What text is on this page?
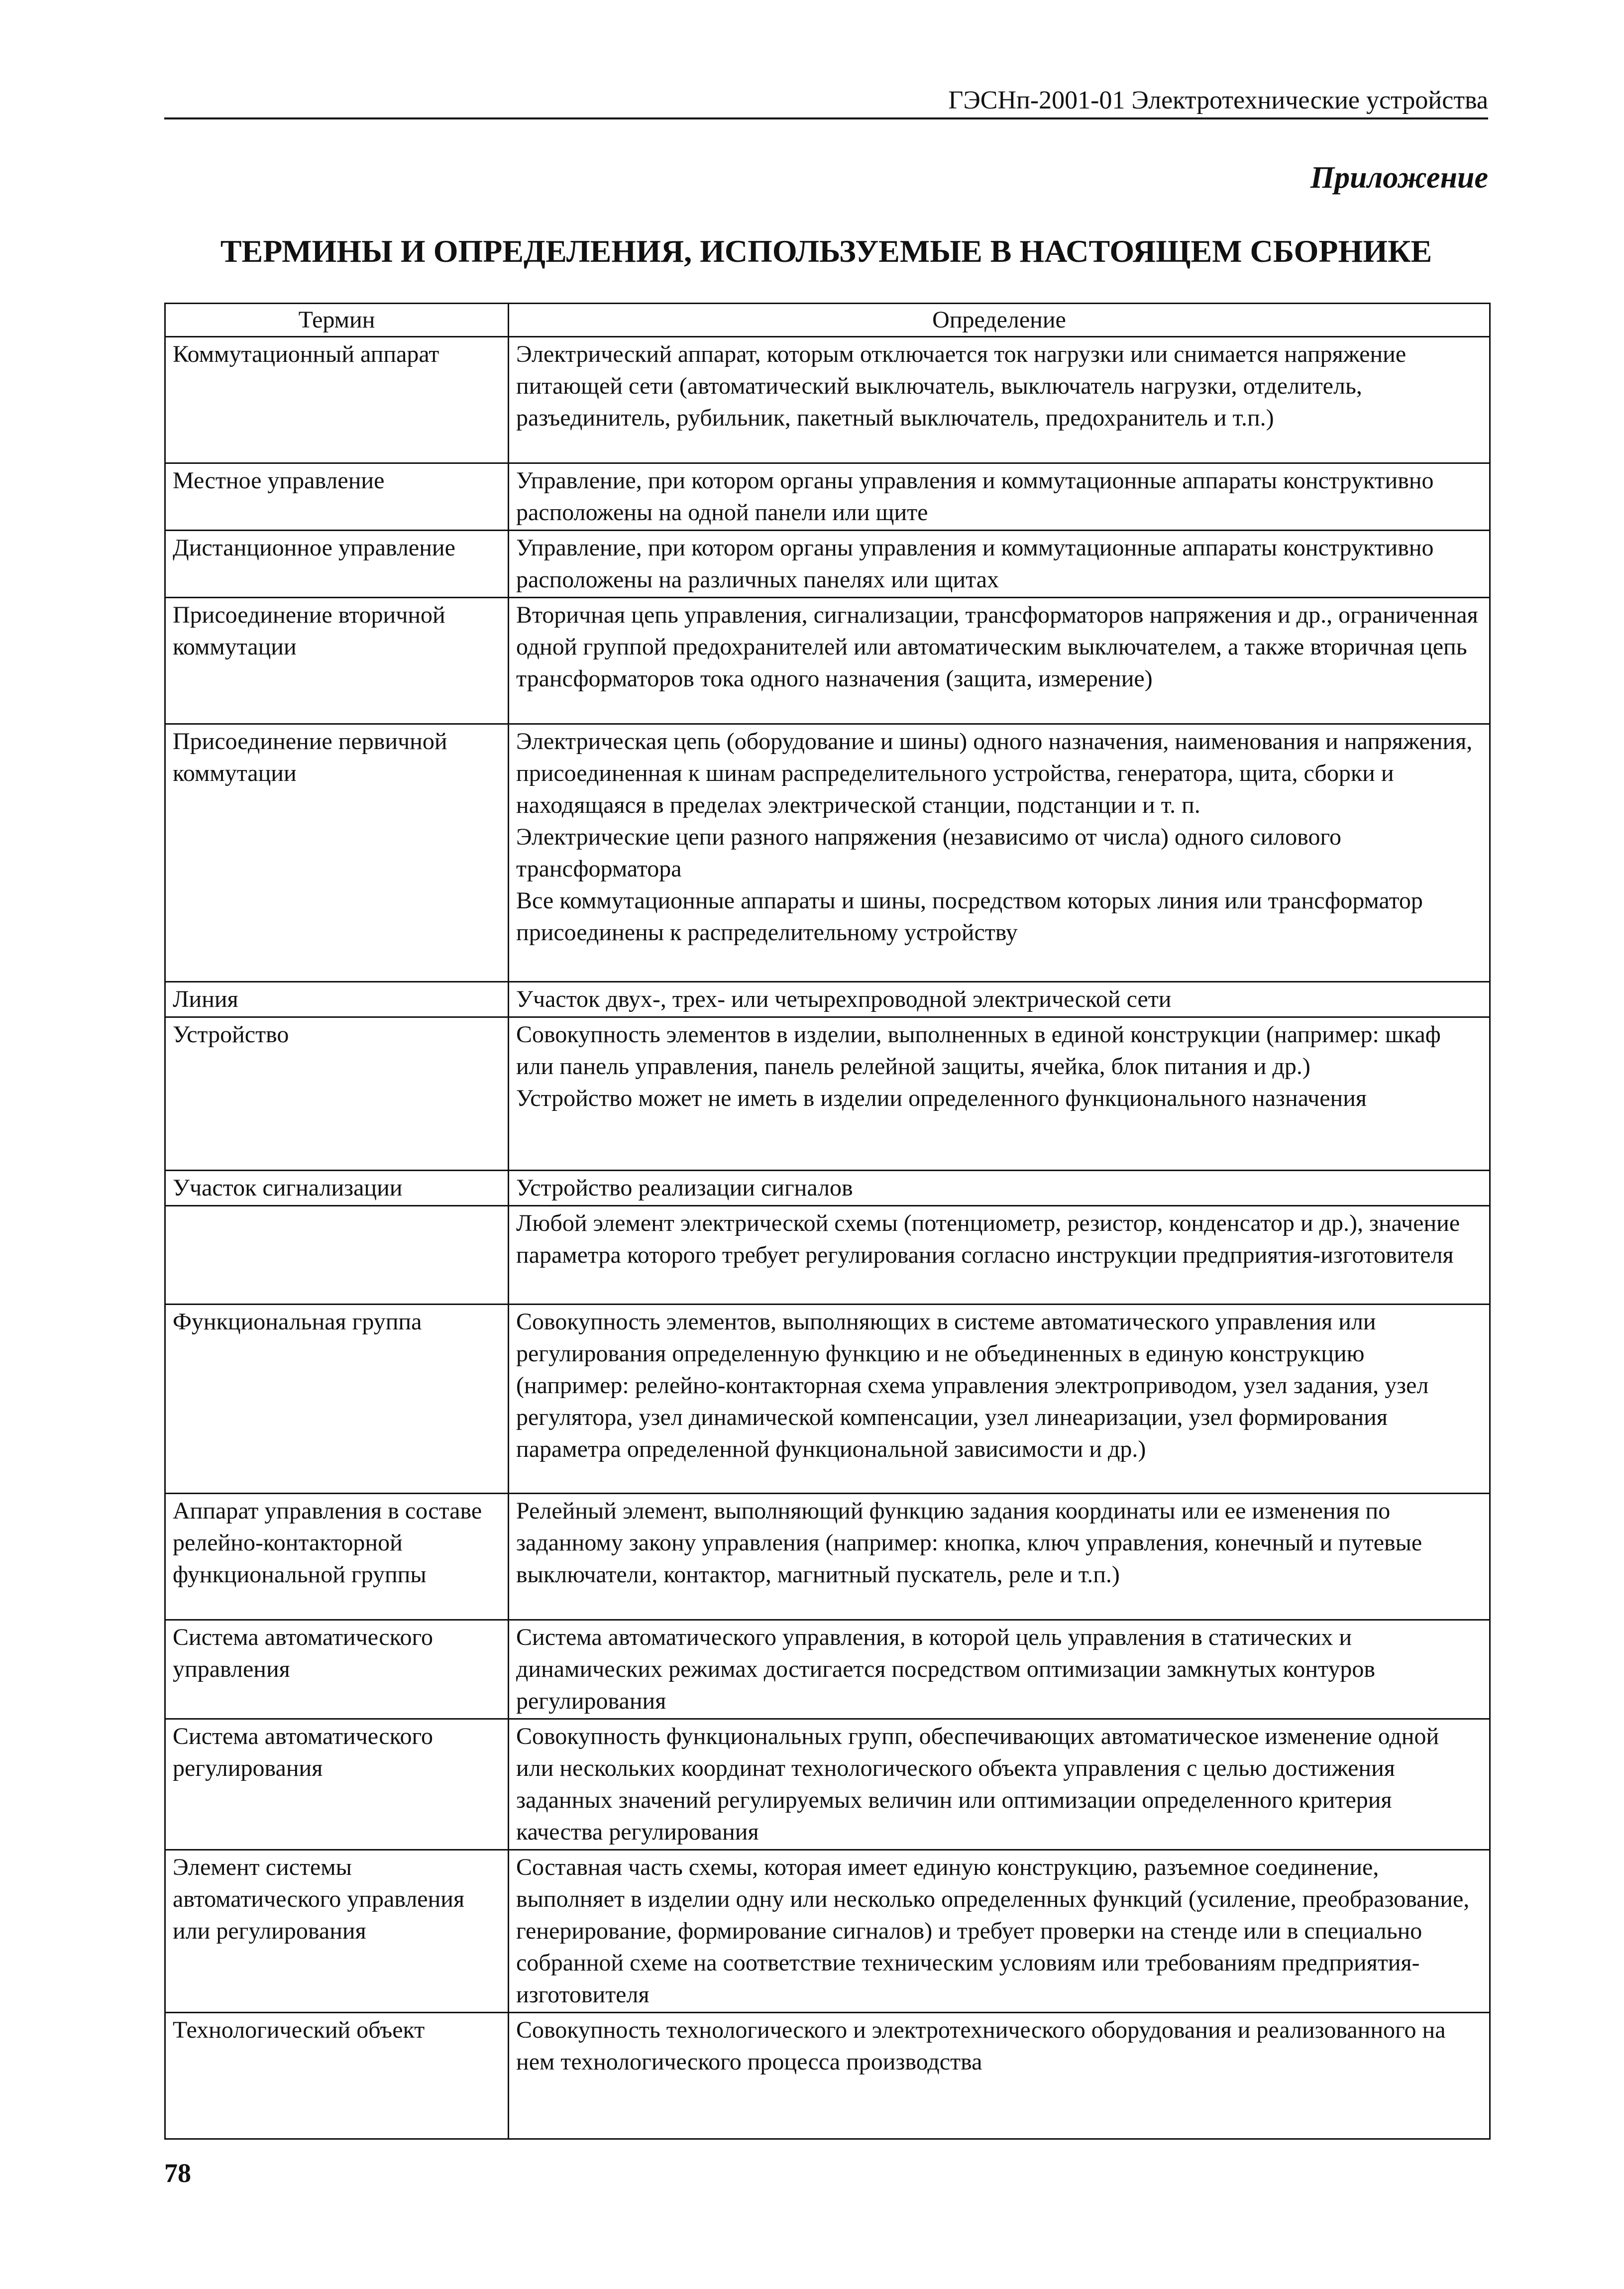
ГЭСНп-2001-01 Электротехнические устройства
Приложение
ТЕРМИНЫ И ОПРЕДЕЛЕНИЯ, ИСПОЛЬЗУЕМЫЕ В НАСТОЯЩЕМ СБОРНИКЕ
Термин	Определение
Коммутационный аппарат	Электрический аппарат, которым отключается ток нагрузки или снимается напряжение питающей сети (автоматический выключатель, выключатель нагрузки, отделитель, разъединитель, рубильник, пакетный выключатель, предохранитель и т.п.)

Местное управление	Управление, при котором органы управления и коммутационные аппараты конструктивно расположены на одной панели или щите

Дистанционное управление	Управление, при котором органы управления и коммутационные аппараты конструктивно расположены на различных панелях или щитах

Присоединение вторичной коммутации	Вторичная цепь управления, сигнализации, трансформаторов напряжения и др., ограниченная одной группой предохранителей или автоматическим выключателем, а также вторичная цепь трансформаторов тока одного назначения (защита, измерение)

Присоединение первичной коммутации	Электрическая цепь (оборудование и шины) одного назначения, наименования и напряжения, присоединенная к шинам распределительного устройства, генератора, щита, сборки и находящаяся в пределах электрической станции, подстанции и т. п.
Электрические цепи разного напряжения (независимо от числа) одного силового трансформатора
Все коммутационные аппараты и шины, посредством которых линия или трансформатор присоединены к распределительному устройству

Линия	Участок двух-, трех- или четырехпроводной электрической сети

Устройство	Совокупность элементов в изделии, выполненных в единой конструкции (например: шкаф или панель управления, панель релейной защиты, ячейка, блок питания и др.)
Устройство может не иметь в изделии определенного функционального назначения

Участок сигнализации	Устройство реализации сигналов

	Любой элемент электрической схемы (потенциометр, резистор, конденсатор и др.), значение параметра которого требует регулирования согласно инструкции предприятия-изготовителя

Функциональная группа	Совокупность элементов, выполняющих в системе автоматического управления или регулирования определенную функцию и не объединенных в единую конструкцию (например: релейно-контакторная схема управления электроприводом, узел задания, узел регулятора, узел динамической компенсации, узел линеаризации, узел формирования параметра определенной функциональной зависимости и др.)

Аппарат управления в составе релейно-контакторной функциональной группы	Релейный элемент, выполняющий функцию задания координаты или ее изменения по заданному закону управления (например: кнопка, ключ управления, конечный и путевые выключатели, контактор, магнитный пускатель, реле и т.п.)

Система автоматического управления	Система автоматического управления, в которой цель управления в статических и динамических режимах достигается посредством оптимизации замкнутых контуров регулирования

Система автоматического регулирования	Совокупность функциональных групп, обеспечивающих автоматическое изменение одной или нескольких координат технологического объекта управления с целью достижения заданных значений регулируемых величин или оптимизации определенного критерия качества регулирования

Элемент системы автоматического управления или регулирования	Составная часть схемы, которая имеет единую конструкцию, разъемное соединение, выполняет в изделии одну или несколько определенных функций (усиление, преобразование, генерирование, формирование сигналов) и требует проверки на стенде или в специально собранной схеме на соответствие техническим условиям или требованиям предприятия-изготовителя

Технологический объект	Совокупность технологического и электротехнического оборудования и реализованного на нем технологического процесса производства
78
